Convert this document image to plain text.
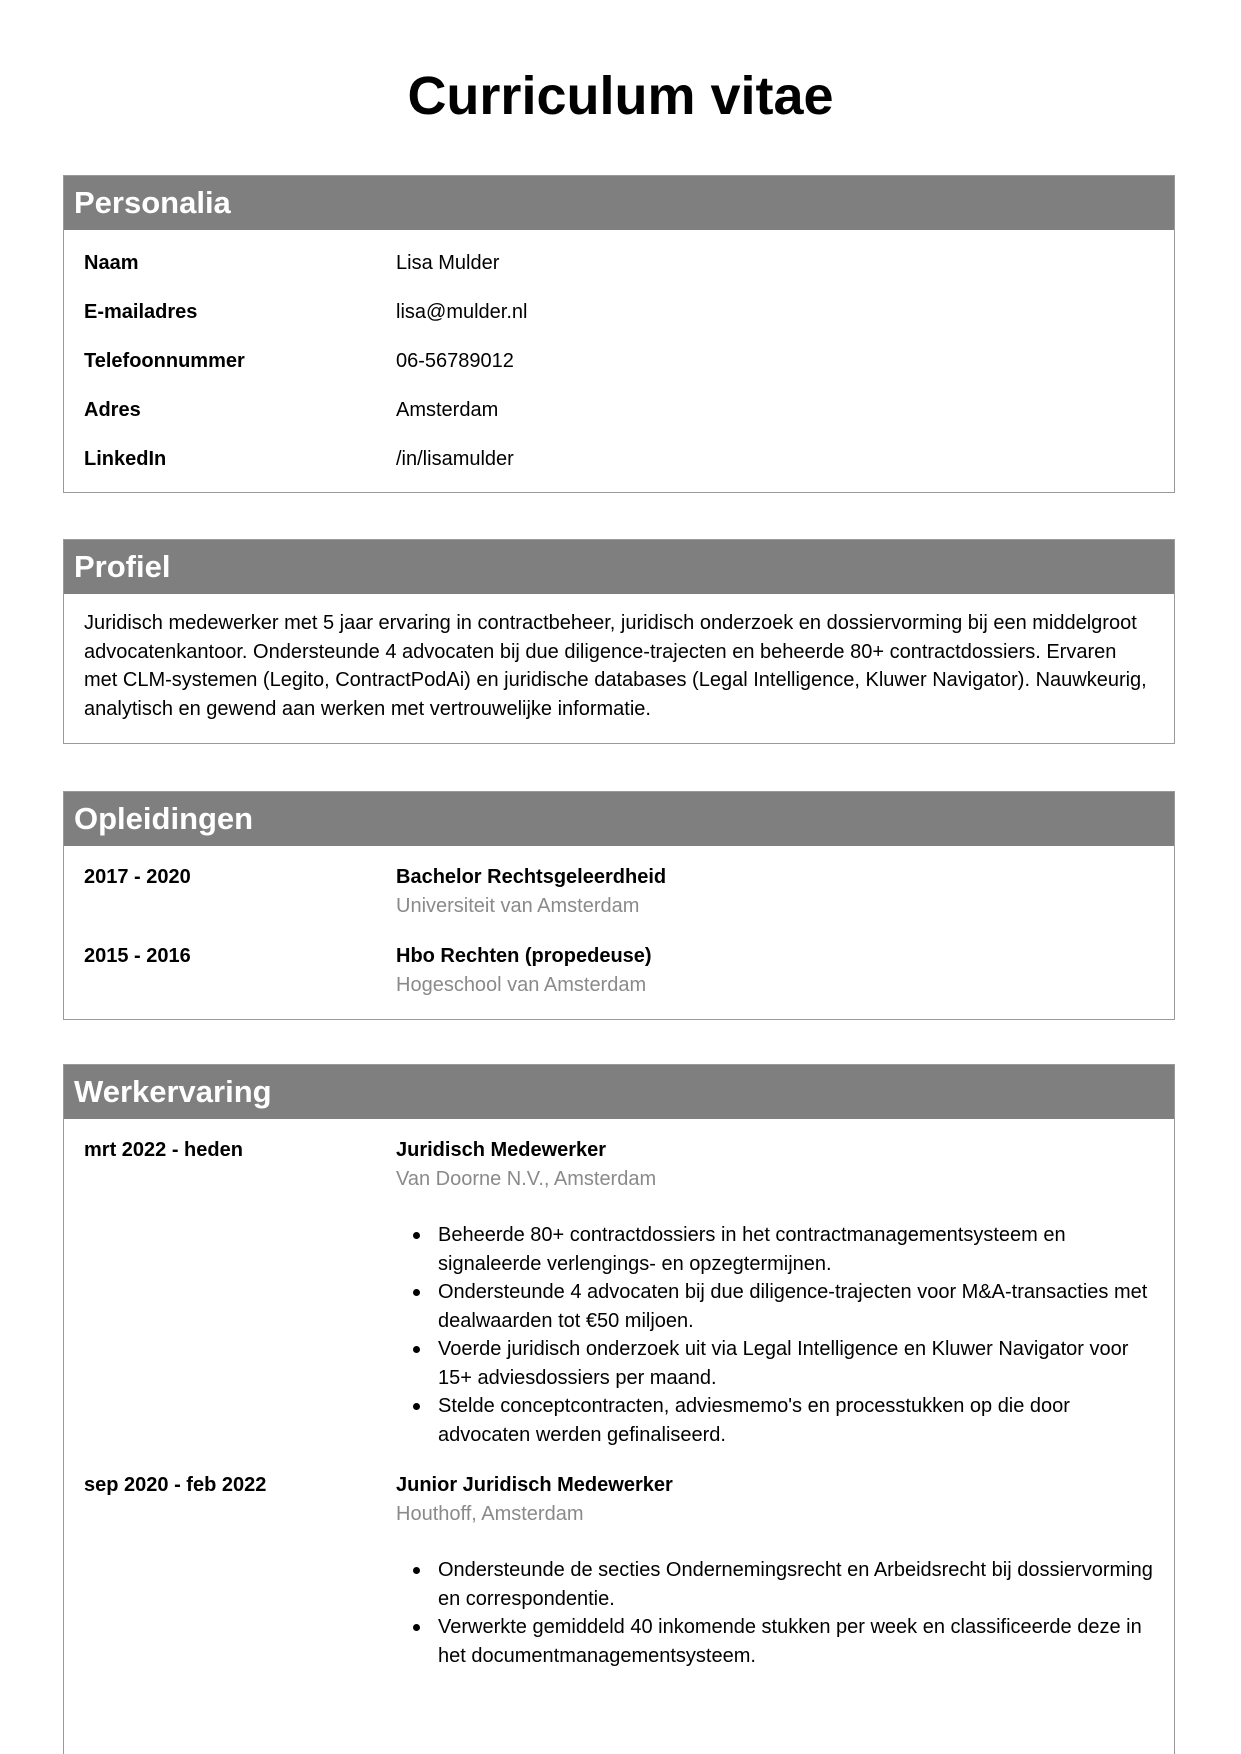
Curriculum vitae
Personalia
Naam	Lisa Mulder
E-mailadres	lisa@mulder.nl
Telefoonnummer	06-56789012
Adres	Amsterdam
LinkedIn	/in/lisamulder
Profiel

Juridisch medewerker met 5 jaar ervaring in contractbeheer, juridisch onderzoek en dossiervorming bij een middelgroot advocatenkantoor. Ondersteunde 4 advocaten bij due diligence-trajecten en beheerde 80+ contractdossiers. Ervaren met CLM-systemen (Legito, ContractPodAi) en juridische databases (Legal Intelligence, Kluwer Navigator). Nauwkeurig, analytisch en gewend aan werken met vertrouwelijke informatie.

Opleidingen
2017 - 2020	Bachelor Rechtsgeleerdheid
Universiteit van Amsterdam
2015 - 2016	Hbo Rechten (propedeuse)
Hogeschool van Amsterdam
Werkervaring
mrt 2022 - heden	Juridisch Medewerker
Van Doorne N.V., Amsterdam
Beheerde 80+ contractdossiers in het contractmanagementsysteem en signaleerde verlengings- en opzegtermijnen.
Ondersteunde 4 advocaten bij due diligence-trajecten voor M&A-transacties met dealwaarden tot €50 miljoen.
Voerde juridisch onderzoek uit via Legal Intelligence en Kluwer Navigator voor 15+ adviesdossiers per maand.
Stelde conceptcontracten, adviesmemo's en processtukken op die door advocaten werden gefinaliseerd.
sep 2020 - feb 2022	Junior Juridisch Medewerker
Houthoff, Amsterdam
Ondersteunde de secties Ondernemingsrecht en Arbeidsrecht bij dossiervorming en correspondentie.
Verwerkte gemiddeld 40 inkomende stukken per week en classificeerde deze in het documentmanagementsysteem.
